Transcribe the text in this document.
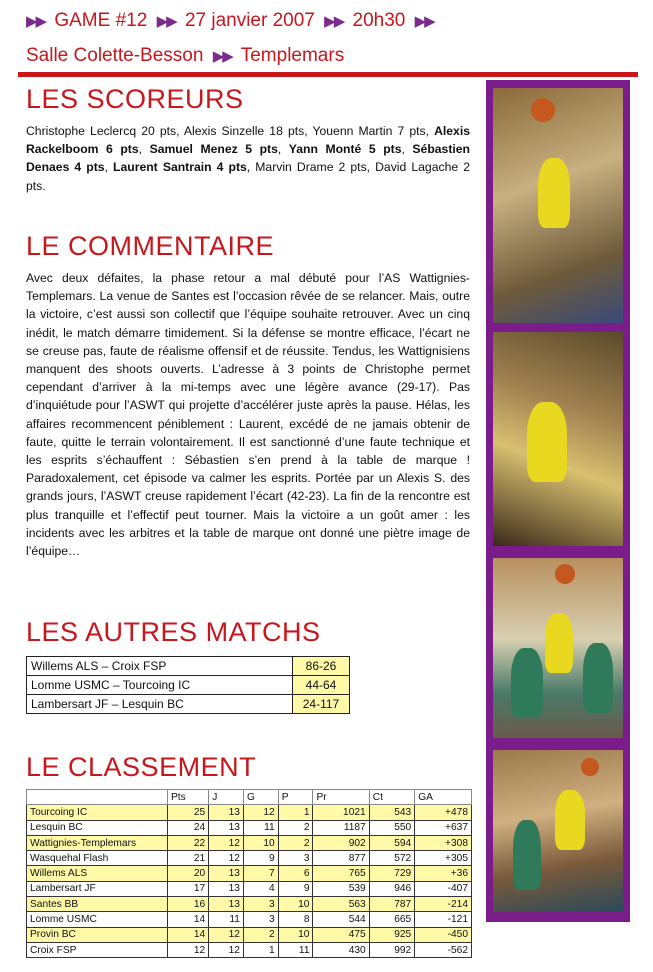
▶▶ GAME #12 ▶▶ 27 janvier 2007 ▶▶ 20h30 ▶▶
Salle Colette-Besson ▶▶ Templemars
LES SCOREURS

Christophe Leclercq 20 pts, Alexis Sinzelle 18 pts, Youenn Martin 7 pts, Alexis Rackelboom 6 pts, Samuel Menez 5 pts, Yann Monté 5 pts, Sébastien Denaes 4 pts, Laurent Santrain 4 pts, Marvin Drame 2 pts, David Lagache 2 pts.

LE COMMENTAIRE

Avec deux défaites, la phase retour a mal débuté pour l’AS Wattignies-Templemars. La venue de Santes est l’occasion rêvée de se relancer. Mais, outre la victoire, c’est aussi son collectif que l’équipe souhaite retrouver. Avec un cinq inédit, le match démarre timidement. Si la défense se montre efficace, l’écart ne se creuse pas, faute de réalisme offensif et de réussite. Tendus, les Wattignisiens manquent des shoots ouverts. L’adresse à 3 points de Christophe permet cependant d’arriver à la mi-temps avec une légère avance (29-17). Pas d’inquiétude pour l’ASWT qui projette d’accélérer juste après la pause. Hélas, les affaires recommencent péniblement : Laurent, excédé de ne jamais obtenir de faute, quitte le terrain volontairement. Il est sanctionné d’une faute technique et les esprits s’échauffent : Sébastien s’en prend à la table de marque ! Paradoxalement, cet épisode va calmer les esprits. Portée par un Alexis S. des grands jours, l’ASWT creuse rapidement l’écart (42-23). La fin de la rencontre est plus tranquille et l’effectif peut tourner. Mais la victoire a un goût amer : les incidents avec les arbitres et la table de marque ont donné une piètre image de l’équipe…

LES AUTRES MATCHS
Willems ALS – Croix FSP	86-26
Lomme USMC – Tourcoing IC	44-64
Lambersart JF – Lesquin BC	24-117
LE CLASSEMENT
	Pts	J	G	P	Pr	Ct	GA
Tourcoing IC	25	13	12	1	1021	543	+478
Lesquin BC	24	13	11	2	1187	550	+637
Wattignies-Templemars	22	12	10	2	902	594	+308
Wasquehal Flash	21	12	9	3	877	572	+305
Willems ALS	20	13	7	6	765	729	+36
Lambersart JF	17	13	4	9	539	946	-407
Santes BB	16	13	3	10	563	787	-214
Lomme USMC	14	11	3	8	544	665	-121
Provin BC	14	12	2	10	475	925	-450
Croix FSP	12	12	1	11	430	992	-562
